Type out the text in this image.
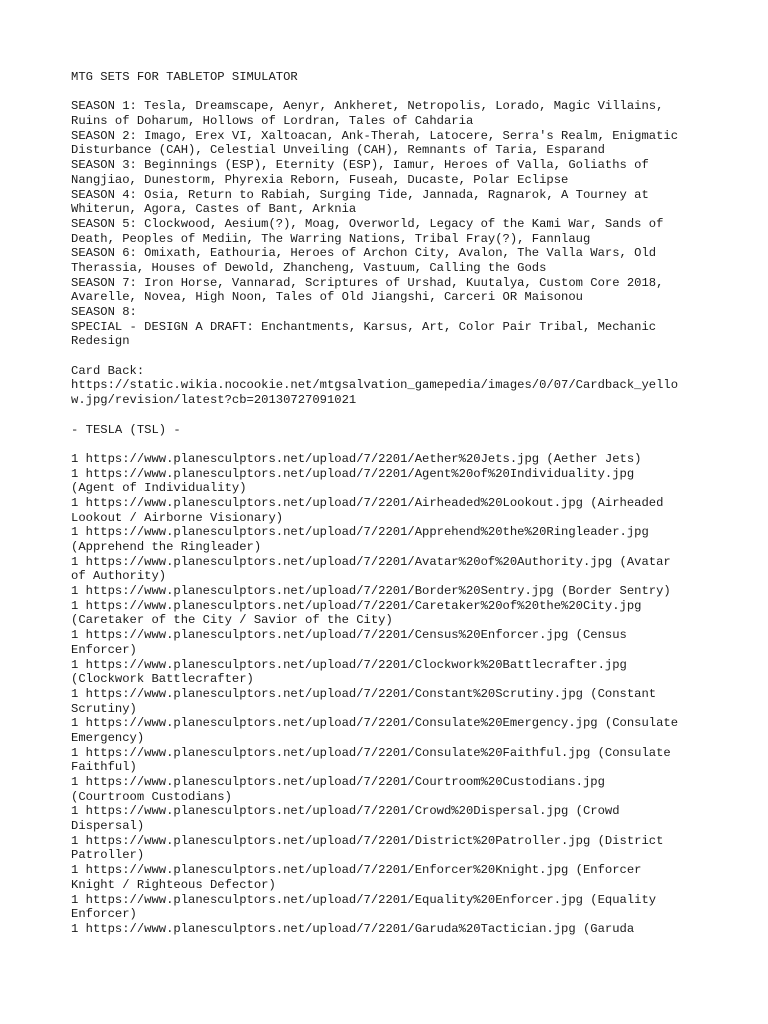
MTG SETS FOR TABLETOP SIMULATOR

SEASON 1: Tesla, Dreamscape, Aenyr, Ankheret, Netropolis, Lorado, Magic Villains,
Ruins of Doharum, Hollows of Lordran, Tales of Cahdaria
SEASON 2: Imago, Erex VI, Xaltoacan, Ank-Therah, Latocere, Serra's Realm, Enigmatic
Disturbance (CAH), Celestial Unveiling (CAH), Remnants of Taria, Esparand
SEASON 3: Beginnings (ESP), Eternity (ESP), Iamur, Heroes of Valla, Goliaths of
Nangjiao, Dunestorm, Phyrexia Reborn, Fuseah, Ducaste, Polar Eclipse
SEASON 4: Osia, Return to Rabiah, Surging Tide, Jannada, Ragnarok, A Tourney at
Whiterun, Agora, Castes of Bant, Arknia
SEASON 5: Clockwood, Aesium(?), Moag, Overworld, Legacy of the Kami War, Sands of
Death, Peoples of Mediin, The Warring Nations, Tribal Fray(?), Fannlaug
SEASON 6: Omixath, Eathouria, Heroes of Archon City, Avalon, The Valla Wars, Old
Therassia, Houses of Dewold, Zhancheng, Vastuum, Calling the Gods
SEASON 7: Iron Horse, Vannarad, Scriptures of Urshad, Kuutalya, Custom Core 2018,
Avarelle, Novea, High Noon, Tales of Old Jiangshi, Carceri OR Maisonou
SEASON 8:
SPECIAL - DESIGN A DRAFT: Enchantments, Karsus, Art, Color Pair Tribal, Mechanic
Redesign

Card Back:
https://static.wikia.nocookie.net/mtgsalvation_gamepedia/images/0/07/Cardback_yello
w.jpg/revision/latest?cb=20130727091021

- TESLA (TSL) -

1 https://www.planesculptors.net/upload/7/2201/Aether%20Jets.jpg (Aether Jets)
1 https://www.planesculptors.net/upload/7/2201/Agent%20of%20Individuality.jpg
(Agent of Individuality)
1 https://www.planesculptors.net/upload/7/2201/Airheaded%20Lookout.jpg (Airheaded
Lookout / Airborne Visionary)
1 https://www.planesculptors.net/upload/7/2201/Apprehend%20the%20Ringleader.jpg
(Apprehend the Ringleader)
1 https://www.planesculptors.net/upload/7/2201/Avatar%20of%20Authority.jpg (Avatar
of Authority)
1 https://www.planesculptors.net/upload/7/2201/Border%20Sentry.jpg (Border Sentry)
1 https://www.planesculptors.net/upload/7/2201/Caretaker%20of%20the%20City.jpg
(Caretaker of the City / Savior of the City)
1 https://www.planesculptors.net/upload/7/2201/Census%20Enforcer.jpg (Census
Enforcer)
1 https://www.planesculptors.net/upload/7/2201/Clockwork%20Battlecrafter.jpg
(Clockwork Battlecrafter)
1 https://www.planesculptors.net/upload/7/2201/Constant%20Scrutiny.jpg (Constant
Scrutiny)
1 https://www.planesculptors.net/upload/7/2201/Consulate%20Emergency.jpg (Consulate
Emergency)
1 https://www.planesculptors.net/upload/7/2201/Consulate%20Faithful.jpg (Consulate
Faithful)
1 https://www.planesculptors.net/upload/7/2201/Courtroom%20Custodians.jpg
(Courtroom Custodians)
1 https://www.planesculptors.net/upload/7/2201/Crowd%20Dispersal.jpg (Crowd
Dispersal)
1 https://www.planesculptors.net/upload/7/2201/District%20Patroller.jpg (District
Patroller)
1 https://www.planesculptors.net/upload/7/2201/Enforcer%20Knight.jpg (Enforcer
Knight / Righteous Defector)
1 https://www.planesculptors.net/upload/7/2201/Equality%20Enforcer.jpg (Equality
Enforcer)
1 https://www.planesculptors.net/upload/7/2201/Garuda%20Tactician.jpg (Garuda
